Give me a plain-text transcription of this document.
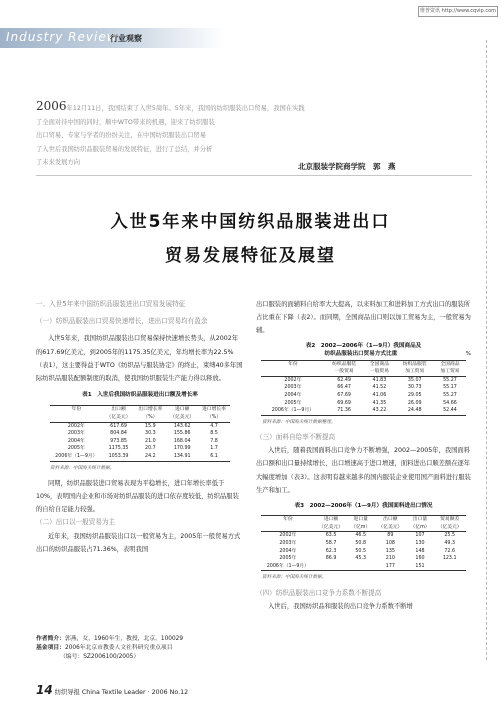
维普资讯 http://www.cqvip.com
Industry Review
行业观察
2006年12月11日，我国结束了入世5周年。5年来，我国的纺织服装出口贸易，我国在实践了全面对待中国的同时，顺中WTO带来的机遇，迎来了纺织服装
出口贸易、专家与学者的纷纷关注，在中国纺织服装出口贸易
了入世后我国纺织品服装贸易的发展特征，进行了总结，并分析
了未来发展方向	北京服装学院商学院　郭　燕
入世5年来中国纺织品服装进出口
贸易发展特征及展望
一、入世5年来中国纺织品服装进出口贸易发展特征
（一）纺织品服装出口贸易快速增长，进出口贸易均有盈余
入世5年来，我国纺织品服装出口贸易保持快速增长势头，从2002年的617.69亿美元，到2005年的1175.35亿美元，年均增长率为22.5%（表1），这主要得益于WTO《纺织品与服装协定》的终止，束缚40多年国际纺织品服装配额制度的取消，使我国纺织服装生产能力得以释放。
表1　入世后我国纺织品服装进出口额及增长率
年份	出口额	出口增长率	进口额	进口增长率
	（亿美元）	（%）	（亿美元）	（%）
2002年	617.69	15.9	143.62	4.7
2003年	804.84	30.3	155.86	8.5
2004年	973.85	21.0	168.04	7.8
2005年	1175.35	20.7	170.99	1.7
2006年（1—9月）	1053.39	24.2	134.91	6.1
资料来源：中国海关统计数据。
同期，纺织品服装进口贸易表现为平稳增长，进口年增长率低于10%，表明国内企业和市场对纺织品服装的进口依存度较低，纺织品服装的自给自足能力较强。
（二）出口以一般贸易为主
近年来，我国纺织品服装出口以一般贸易为主，2005年一般贸易方式出口的纺织品服装占71.36%，表明我国
作者简介：郭燕，女，1960年生，教授，北京，100029
基金项目：2006年北京市教委人文社科研究重点项目
（编号：SZ2006100/2005）
14 纺织导报 China Textile Leader · 2006 No.12
出口服装的面辅料自给率大大提高，以来料加工和进料加工方式出口的服装所占比重在下降（表2）。而同期，全国商品出口则以加工贸易为主，一般贸易为辅。
表2　2002—2006年（1—9月）我国商品及
纺织品服装出口贸易方式比重	%
年份	纺织品服装	全国商品	纺织品服装	全国商品
	一般贸易	一般贸易	加工贸易	加工贸易
2002年	62.49	41.83	35.07	55.27
2003年	66.47	41.52	30.73	55.17
2004年	67.69	41.06	29.05	55.27
2005年	69.69	41.35	26.09	54.66
2006年（1—9月）	71.36	43.22	24.48	52.44
资料来源：中国海关统计数据整理。
（三）面料自给率不断提高
入世后，随着我国面料出口竞争力不断增强，2002—2005年，我国面料出口额和出口量持续增长，出口增速高于进口增速，面料进出口顺差额在逐年大幅度增加（表3）。这表明有越来越多的国内服装企业使用国产面料进行服装生产和加工。
表3　2002—2006年（1—9月）我国面料进出口情况
年份	进口额	进口量	出口额	出口量	贸易顺差
	（亿美元）	（亿m）	（亿美元）	（亿m）	（亿美元）
2002年	63.5	46.5	89	107	25.5
2003年	58.7	50.8	108	130	49.3
2004年	62.3	50.5	135	148	72.6
2005年	86.9	45.3	210	160	123.1
2006年（1—9月）			177	151	
资料来源：中国海关统计数据。
（四）纺织品服装出口竞争力系数不断提高
入世后，我国纺织品和服装的出口竞争力系数不断增
